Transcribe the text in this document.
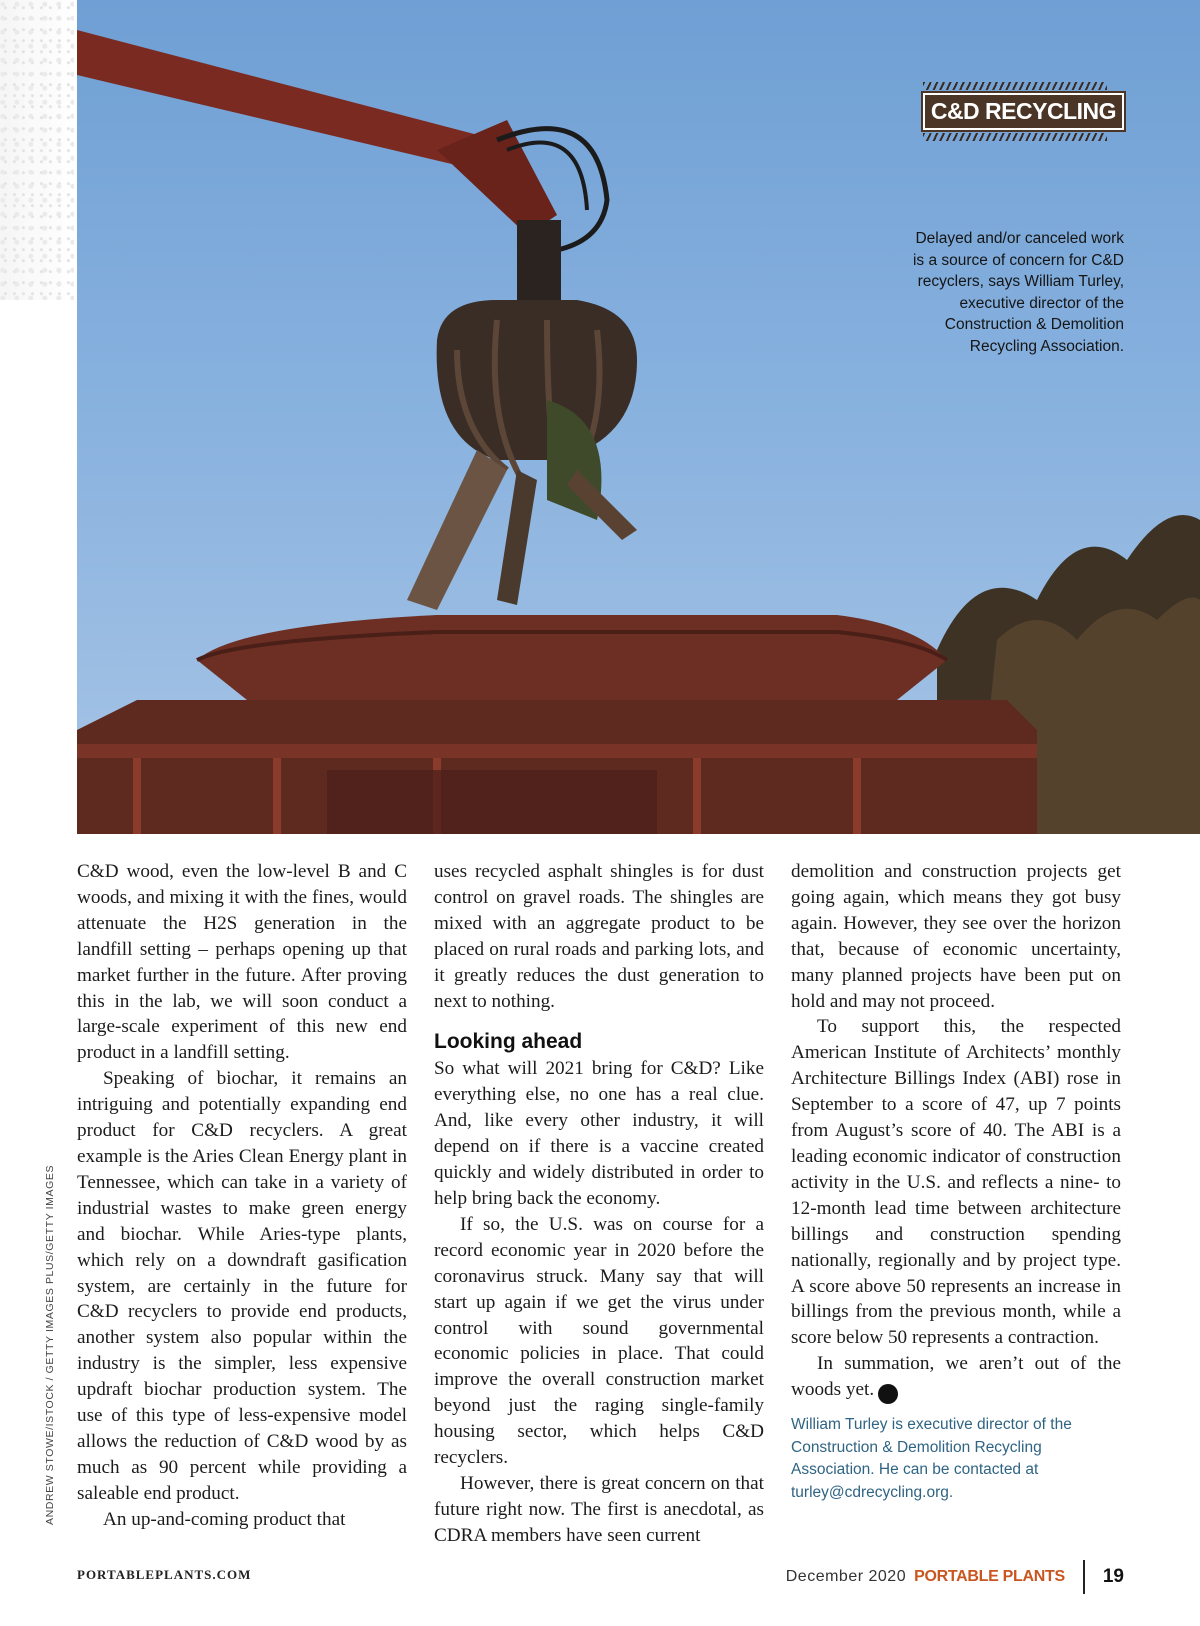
C&D RECYCLING
Delayed and/or canceled work is a source of concern for C&D recyclers, says William Turley, executive director of the Construction & Demolition Recycling Association.
ANDREW STOWE/ISTOCK / GETTY IMAGES PLUS/GETTY IMAGES

C&D wood, even the low-level B and C woods, and mixing it with the fines, would attenuate the H2S generation in the landfill setting – perhaps opening up that market further in the future. After proving this in the lab, we will soon conduct a large-scale experiment of this new end product in a landfill setting.

Speaking of biochar, it remains an intriguing and potentially expanding end product for C&D recyclers. A great example is the Aries Clean Energy plant in Tennessee, which can take in a variety of industrial wastes to make green energy and biochar. While Aries-type plants, which rely on a downdraft gasification system, are certainly in the future for C&D recyclers to provide end products, another system also popular within the industry is the simpler, less expensive updraft biochar production system. The use of this type of less-expensive model allows the reduction of C&D wood by as much as 90 percent while providing a saleable end product.

An up-and-coming product that

uses recycled asphalt shingles is for dust control on gravel roads. The shingles are mixed with an aggregate product to be placed on rural roads and parking lots, and it greatly reduces the dust generation to next to nothing.

Looking ahead

So what will 2021 bring for C&D? Like everything else, no one has a real clue. And, like every other industry, it will depend on if there is a vaccine created quickly and widely distributed in order to help bring back the economy.

If so, the U.S. was on course for a record economic year in 2020 before the coronavirus struck. Many say that will start up again if we get the virus under control with sound governmental economic policies in place. That could improve the overall construction market beyond just the raging single-family housing sector, which helps C&D recyclers.

However, there is great concern on that future right now. The first is anecdotal, as CDRA members have seen current

demolition and construction projects get going again, which means they got busy again. However, they see over the horizon that, because of economic uncertainty, many planned projects have been put on hold and may not proceed.

To support this, the respected American Institute of Architects’ monthly Architecture Billings Index (ABI) rose in September to a score of 47, up 7 points from August’s score of 40. The ABI is a leading economic indicator of construction activity in the U.S. and reflects a nine- to 12-month lead time between architecture billings and construction spending nationally, regionally and by project type. A score above 50 represents an increase in billings from the previous month, while a score below 50 represents a contraction.

In summation, we aren’t out of the woods yet. P

William Turley is executive director of the Construction & Demolition Recycling Association. He can be contacted at turley@cdrecycling.org.
PORTABLEPLANTS.COM	December 2020 PORTABLE PLANTS 19
